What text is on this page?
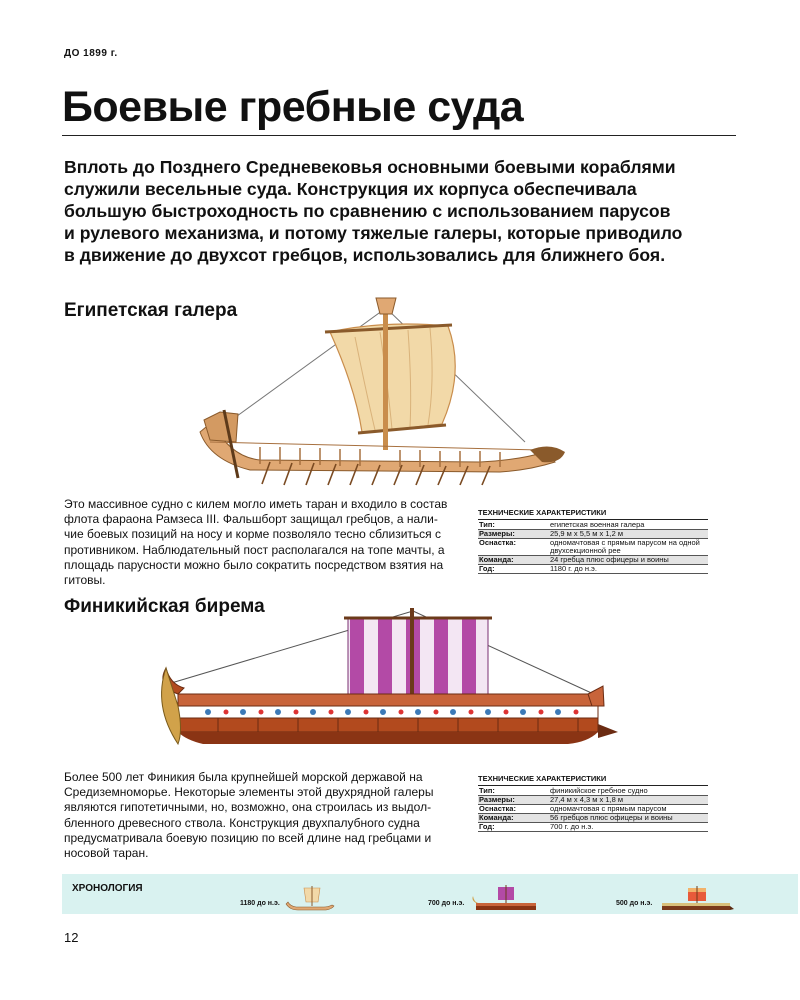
ДО 1899 г.
Боевые гребные суда

Вплоть до Позднего Средневековья основными боевыми кораблями

служили весельные суда. Конструкция их корпуса обеспечивала

большую быстроходность по сравнению с использованием парусов

и рулевого механизма, и потому тяжелые галеры, которые приводило

в движение до двухсот гребцов, использовались для ближнего боя.

Египетская галера

Это массивное судно с килем могло иметь таран и входило в состав

флота фараона Рамзеса III. Фальшборт защищал гребцов, а нали-

чие боевых позиций на носу и корме позволяло тесно сблизиться с

противником. Наблюдательный пост располагался на топе мачты, а

площадь парусности можно было сократить посредством взятия на

гитовы.

ТЕХНИЧЕСКИЕ ХАРАКТЕРИСТИКИ
Тип:	египетская военная галера
Размеры:	25,9 м x 5,5 м x 1,2 м
Оснастка:	одномачтовая с прямым парусом на одной двухсекционной рее
Команда:	24 гребца плюс офицеры и воины
Год:	1180 г. до н.э.
Финикийская бирема

Более 500 лет Финикия была крупнейшей морской державой на

Средиземноморье. Некоторые элементы этой двухрядной галеры

являются гипотетичными, но, возможно, она строилась из выдол-

бленного древесного ствола. Конструкция двухпалубного судна

предусматривала боевую позицию по всей длине над гребцами и

носовой таран.

ТЕХНИЧЕСКИЕ ХАРАКТЕРИСТИКИ
Тип:	финикийское гребное судно
Размеры:	27,4 м x 4,3 м x 1,8 м
Оснастка:	одномачтовая с прямым парусом
Команда:	56 гребцов плюс офицеры и воины
Год:	700 г. до н.э.
ХРОНОЛОГИЯ
1180 до н.э.	700 до н.э.	500 до н.э.
12
